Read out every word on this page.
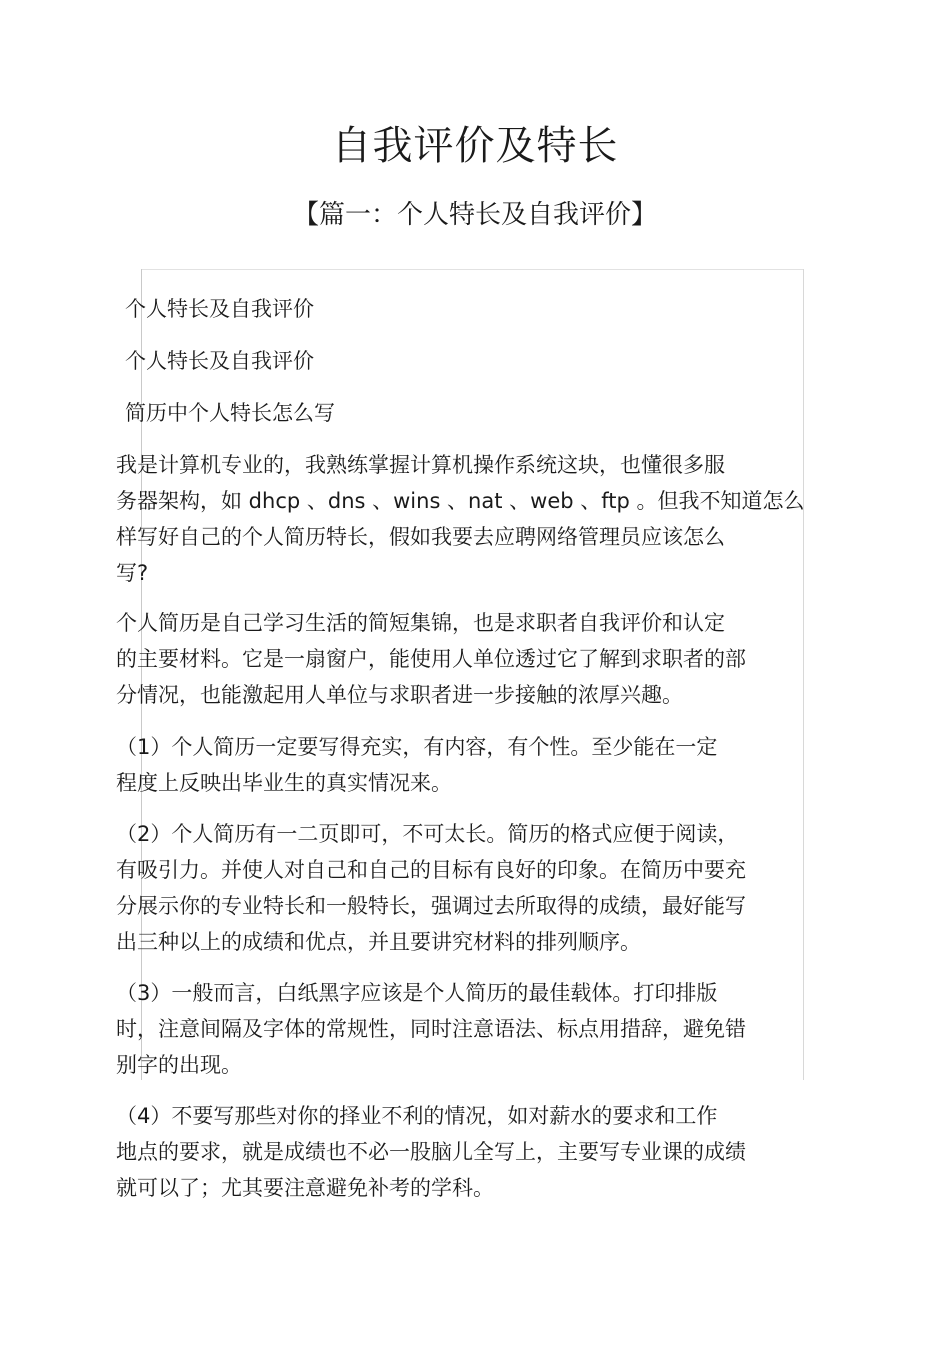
自我评价及特长
【篇一：个人特长及自我评价】

个人特长及自我评价

个人特长及自我评价

简历中个人特长怎么写

我是计算机专业的，我熟练掌握计算机操作系统这块，也懂很多服
务器架构，如 dhcp 、dns 、wins 、nat 、web 、ftp 。但我不知道怎么
样写好自己的个人简历特长，假如我要去应聘网络管理员应该怎么
写?
个人简历是自己学习生活的简短集锦，也是求职者自我评价和认定
的主要材料。它是一扇窗户，能使用人单位透过它了解到求职者的部
分情况，也能激起用人单位与求职者进一步接触的浓厚兴趣。
（1）个人简历一定要写得充实，有内容，有个性。至少能在一定
程度上反映出毕业生的真实情况来。
（2）个人简历有一二页即可，不可太长。简历的格式应便于阅读，
有吸引力。并使人对自己和自己的目标有良好的印象。在简历中要充
分展示你的专业特长和一般特长，强调过去所取得的成绩，最好能写
出三种以上的成绩和优点，并且要讲究材料的排列顺序。
（3）一般而言，白纸黑字应该是个人简历的最佳载体。打印排版
时，注意间隔及字体的常规性，同时注意语法、标点用措辞，避免错
别字的出现。
（4）不要写那些对你的择业不利的情况，如对薪水的要求和工作
地点的要求，就是成绩也不必一股脑儿全写上，主要写专业课的成绩
就可以了；尤其要注意避免补考的学科。
